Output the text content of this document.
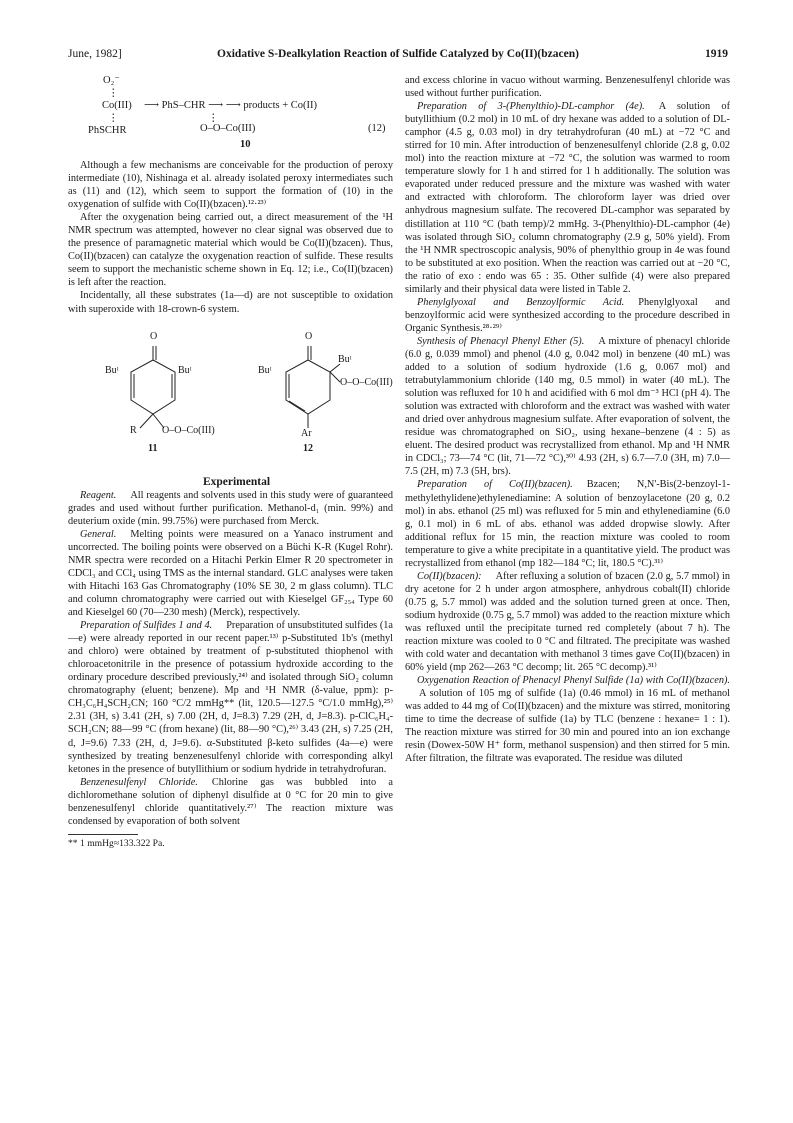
June, 1982]	Oxidative S-Dealkylation Reaction of Sulfide Catalyzed by Co(II)(bzacen)	1919
O₂⁻
⋮
Co(III) ⟶ PhS–CHR ⟶ ⟶ products + Co(II)
⋮	⋮
PhSCHR	O–O–Co(III)	(12)
10

Although a few mechanisms are conceivable for the production of peroxy intermediate (10), Nishinaga et al. already isolated peroxy intermediates such as (11) and (12), which seem to support the formation of (10) in the oxygenation of sulfide with Co(II)(bzacen).¹²·²³⁾

After the oxygenation being carried out, a direct measurement of the ¹H NMR spectrum was attempted, however no clear signal was observed due to the presence of paramagnetic material which would be Co(II)(bzacen). Thus, Co(II)(bzacen) can catalyze the oxygenation reaction of sulfide. These results seem to support the mechanistic scheme shown in Eq. 12; i.e., Co(II)(bzacen) is left after the reaction.

Incidentally, all these substrates (1a—d) are not susceptible to oxidation with superoxide with 18-crown-6 system.

O
Buᵗ	Buᵗ
R	O–O–Co(III)
11
O
Buᵗ
Buᵗ
O–O–Co(III)
Ar
12

Experimental

Reagent. All reagents and solvents used in this study were of guaranteed grades and used without further purification. Methanol-d₁ (min. 99%) and deuterium oxide (min. 99.75%) were purchased from Merck.

General. Melting points were measured on a Yanaco instrument and uncorrected. The boiling points were observed on a Büchi K-R (Kugel Rohr). NMR spectra were recorded on a Hitachi Perkin Elmer R 20 spectrometer in CDCl₃ and CCl₄ using TMS as the internal standard. GLC analyses were taken with Hitachi 163 Gas Chromatography (10% SE 30, 2 m glass column). TLC and column chromatography were carried out with Kieselgel GF₂₅₄ Type 60 and Kieselgel 60 (70—230 mesh) (Merck), respectively.

Preparation of Sulfides 1 and 4. Preparation of unsubstituted sulfides (1a—e) were already reported in our recent paper.¹³⁾ p-Substituted 1b's (methyl and chloro) were obtained by treatment of p-substituted thiophenol with chloroacetonitrile in the presence of potassium hydroxide according to the ordinary procedure described previously,²⁴⁾ and isolated through SiO₂ column chromatography (eluent; benzene). Mp and ¹H NMR (δ-value, ppm): p-CH₃C₆H₄SCH₂CN; 160 °C/2 mmHg** (lit, 120.5—127.5 °C/1.0 mmHg),²⁵⁾ 2.31 (3H, s) 3.41 (2H, s) 7.00 (2H, d, J=8.3) 7.29 (2H, d, J=8.3). p-ClC₆H₄-SCH₂CN; 88—99 °C (from hexane) (lit, 88—90 °C),²⁶⁾ 3.43 (2H, s) 7.25 (2H, d, J=9.6) 7.33 (2H, d, J=9.6). α-Substituted β-keto sulfides (4a—e) were synthesized by treating benzenesulfenyl chloride with corresponding alkyl ketones in the presence of butyllithium or sodium hydride in tetrahydrofuran.

Benzenesulfenyl Chloride. Chlorine gas was bubbled into a dichloromethane solution of diphenyl disulfide at 0 °C for 20 min to give benzenesulfenyl chloride quantitatively.²⁷⁾ The reaction mixture was condensed by evaporation of both solvent

** 1 mmHg≈133.322 Pa.

and excess chlorine in vacuo without warming. Benzenesulfenyl chloride was used without further purification.

Preparation of 3-(Phenylthio)-DL-camphor (4e). A solution of butyllithium (0.2 mol) in 10 mL of dry hexane was added to a solution of DL-camphor (4.5 g, 0.03 mol) in dry tetrahydrofuran (40 mL) at −72 °C and stirred for 10 min. After introduction of benzenesulfenyl chloride (2.8 g, 0.02 mol) into the reaction mixture at −72 °C, the solution was warmed to room temperature slowly for 1 h and stirred for 1 h additionally. The solution was evaporated under reduced pressure and the mixture was washed with water and extracted with chloroform. The chloroform layer was dried over anhydrous magnesium sulfate. The recovered DL-camphor was separated by distillation at 110 °C (bath temp)/2 mmHg. 3-(Phenylthio)-DL-camphor (4e) was isolated through SiO₂ column chromatography (2.9 g, 50% yield). From the ¹H NMR spectroscopic analysis, 90% of phenylthio group in 4e was found to be substituted at exo position. When the reaction was carried out at −20 °C, the ratio of exo : endo was 65 : 35. Other sulfide (4) were also prepared similarly and their physical data were listed in Table 2.

Phenylglyoxal and Benzoylformic Acid. Phenylglyoxal and benzoylformic acid were synthesized according to the procedure described in Organic Synthesis.²⁸·²⁹⁾

Synthesis of Phenacyl Phenyl Ether (5). A mixture of phenacyl chloride (6.0 g, 0.039 mmol) and phenol (4.0 g, 0.042 mol) in benzene (40 mL) was added to a solution of sodium hydroxide (1.6 g, 0.067 mol) and tetrabutylammonium chloride (140 mg, 0.5 mmol) in water (40 mL). The solution was refluxed for 10 h and acidified with 6 mol dm⁻³ HCl (pH 4). The solution was extracted with chloroform and the extract was washed with water and dried over anhydrous magnesium sulfate. After evaporation of solvent, the residue was chromatographed on SiO₂, using hexane–benzene (4 : 5) as eluent. The desired product was recrystallized from ethanol. Mp and ¹H NMR in CDCl₃; 73—74 °C (lit, 71—72 °C),³⁰⁾ 4.93 (2H, s) 6.7—7.0 (3H, m) 7.0—7.5 (2H, m) 7.3 (5H, brs).

Preparation of Co(II)(bzacen). Bzacen; N,N'-Bis(2-benzoyl-1-methylethylidene)ethylenediamine: A solution of benzoylacetone (20 g, 0.2 mol) in abs. ethanol (25 ml) was refluxed for 5 min and ethylenediamine (6.0 g, 0.1 mol) in 6 mL of abs. ethanol was added dropwise slowly. After additional reflux for 15 min, the reaction mixture was cooled to room temperature to give a white precipitate in a quantitative yield. The product was recrystallized from ethanol (mp 182—184 °C; lit, 180.5 °C).³¹⁾

Co(II)(bzacen): After refluxing a solution of bzacen (2.0 g, 5.7 mmol) in dry acetone for 2 h under argon atmosphere, anhydrous cobalt(II) chloride (0.75 g, 5.7 mmol) was added and the solution turned green at once. Then, sodium hydroxide (0.75 g, 5.7 mmol) was added to the reaction mixture which was refluxed until the precipitate turned red completely (about 7 h). The reaction mixture was cooled to 0 °C and filtrated. The precipitate was washed with cold water and decantation with methanol 3 times gave Co(II)(bzacen) in 60% yield (mp 262—263 °C decomp; lit. 265 °C decomp).³¹⁾

Oxygenation Reaction of Phenacyl Phenyl Sulfide (1a) with Co(II)(bzacen).A solution of 105 mg of sulfide (1a) (0.46 mmol) in 16 mL of methanol was added to 44 mg of Co(II)(bzacen) and the mixture was stirred, monitoring time to time the decrease of sulfide (1a) by TLC (benzene : hexane= 1 : 1). The reaction mixture was stirred for 30 min and poured into an ion exchange resin (Dowex-50W H⁺ form, methanol suspension) and then stirred for 5 min. After filtration, the filtrate was evaporated. The residue was diluted
